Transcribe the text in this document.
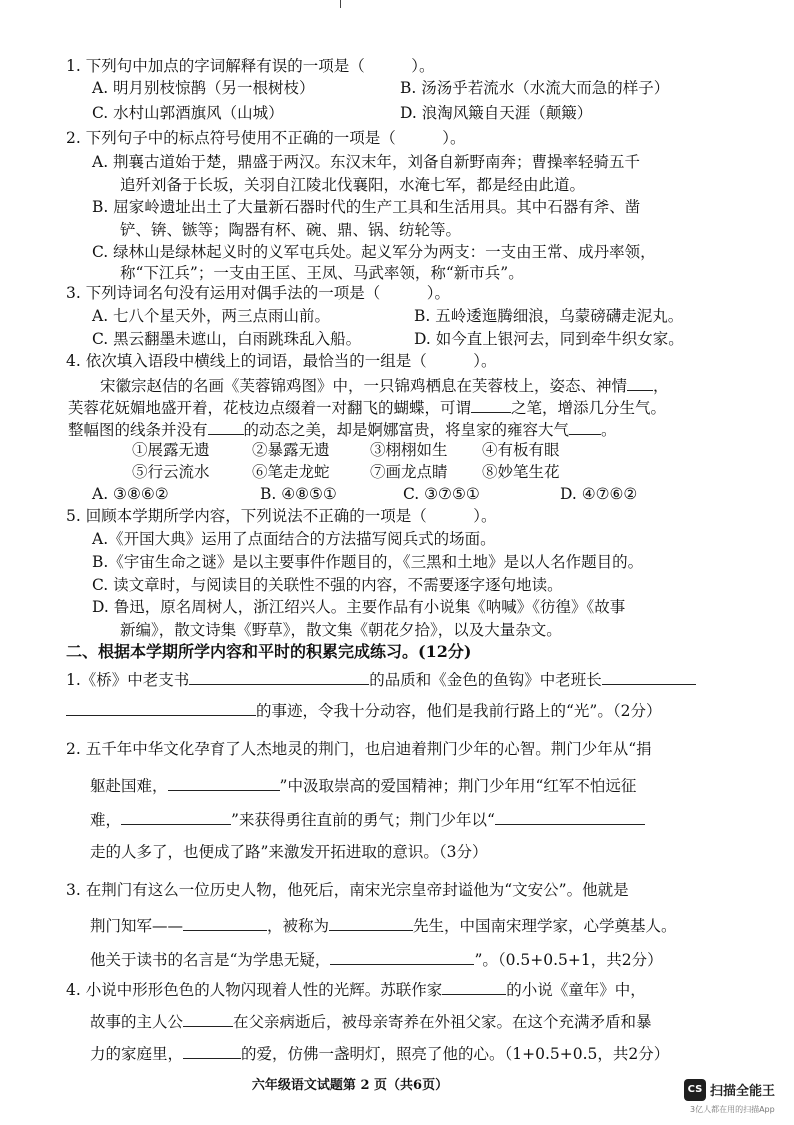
1. 下列句中加点的字词解释有误的一项是（　　　）。
A. 明月别枝惊鹊（另一根树枝）	B. 汤汤乎若流水（水流大而急的样子）
C. 水村山郭酒旗风（山城）	D. 浪淘风簸自天涯（颠簸）
2. 下列句子中的标点符号使用不正确的一项是（　　　）。
A. 荆襄古道始于楚，鼎盛于两汉。东汉末年，刘备自新野南奔；曹操率轻骑五千
追歼刘备于长坂，关羽自江陵北伐襄阳，水淹七军，都是经由此道。
B. 屈家岭遗址出土了大量新石器时代的生产工具和生活用具。其中石器有斧、凿
铲、锛、镞等；陶器有杯、碗、鼎、锅、纺轮等。
C. 绿林山是绿林起义时的义军屯兵处。起义军分为两支：一支由王常、成丹率领，
称“下江兵”；一支由王匡、王凤、马武率领，称“新市兵”。
3. 下列诗词名句没有运用对偶手法的一项是（　　　）。
A. 七八个星天外，两三点雨山前。	B. 五岭逶迤腾细浪，乌蒙磅礴走泥丸。
C. 黑云翻墨未遮山，白雨跳珠乱入船。	D. 如今直上银河去，同到牵牛织女家。
4. 依次填入语段中横线上的词语，最恰当的一组是（　　　）。
宋徽宗赵佶的名画《芙蓉锦鸡图》中，一只锦鸡栖息在芙蓉枝上，姿态、神情 ，
芙蓉花妩媚地盛开着，花枝边点缀着一对翻飞的蝴蝶，可谓	之笔，增添几分生气。
整幅图的线条并没有 的动态之美，却是婀娜富贵，将皇家的雍容大气 。
①展露无遗	②暴露无遗	③栩栩如生 ④有板有眼
⑤行云流水	⑥笔走龙蛇	⑦画龙点睛 ⑧妙笔生花
A. ③⑧⑥②	B. ④⑧⑤①	C. ③⑦⑤①	D. ④⑦⑥②
5. 回顾本学期所学内容，下列说法不正确的一项是（　　　）。
A.《开国大典》运用了点面结合的方法描写阅兵式的场面。
B.《宇宙生命之谜》是以主要事件作题目的，《三黑和土地》是以人名作题目的。
C. 读文章时，与阅读目的关联性不强的内容，不需要逐字逐句地读。
D. 鲁迅，原名周树人，浙江绍兴人。主要作品有小说集《呐喊》《彷徨》《故事
新编》，散文诗集《野草》，散文集《朝花夕拾》，以及大量杂文。
二、根据本学期所学内容和平时的积累完成练习。(12分)
1.《桥》中老支书	的品质和《金色的鱼钩》中老班长
的事迹，令我十分动容，他们是我前行路上的“光”。（2分）
2. 五千年中华文化孕育了人杰地灵的荆门，也启迪着荆门少年的心智。荆门少年从“捐
躯赴国难，	”中汲取崇高的爱国精神；荆门少年用“红军不怕远征
难，	”来获得勇往直前的勇气；荆门少年以“
走的人多了，也便成了路”来激发开拓进取的意识。（3分）
3. 在荆门有这么一位历史人物，他死后，南宋光宗皇帝封谥他为“文安公”。他就是
荆门知军——	，被称为	先生，中国南宋理学家，心学奠基人。
他关于读书的名言是“为学患无疑，	”。（0.5+0.5+1，共2分）
4. 小说中形形色色的人物闪现着人性的光辉。苏联作家	的小说《童年》中，
故事的主人公	在父亲病逝后，被母亲寄养在外祖父家。在这个充满矛盾和暴
力的家庭里，	的爱，仿佛一盏明灯，照亮了他的心。（1+0.5+0.5，共2分）
六年级语文试题第 2 页（共6页）	CS 扫描全能王
3亿人都在用的扫描App
